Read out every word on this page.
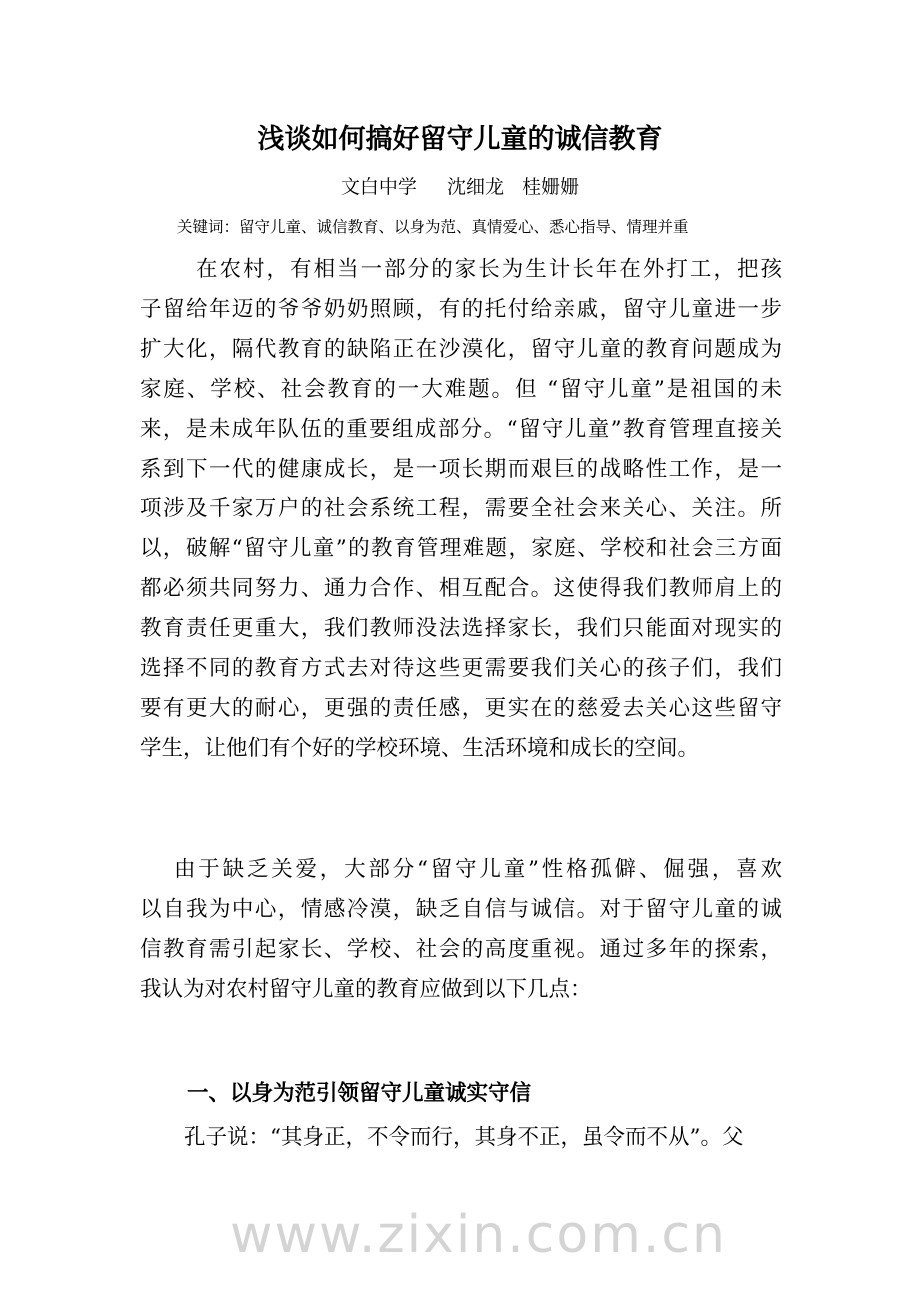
浅谈如何搞好留守儿童的诚信教育
文白中学     沈细龙   桂姗姗
关键词：留守儿童、诚信教育、以身为范、真情爱心、悉心指导、情理并重
在农村，有相当一部分的家长为生计长年在外打工，把孩
子留给年迈的爷爷奶奶照顾，有的托付给亲戚，留守儿童进一步
扩大化，隔代教育的缺陷正在沙漠化，留守儿童的教育问题成为
家庭、学校、社会教育的一大难题。但 “留守儿童”是祖国的未
来，是未成年队伍的重要组成部分。“留守儿童”教育管理直接关
系到下一代的健康成长，是一项长期而艰巨的战略性工作，是一
项涉及千家万户的社会系统工程，需要全社会来关心、关注。所
以，破解“留守儿童”的教育管理难题，家庭、学校和社会三方面
都必须共同努力、通力合作、相互配合。这使得我们教师肩上的
教育责任更重大，我们教师没法选择家长，我们只能面对现实的
选择不同的教育方式去对待这些更需要我们关心的孩子们，我们
要有更大的耐心，更强的责任感，更实在的慈爱去关心这些留守
学生，让他们有个好的学校环境、生活环境和成长的空间。
由于缺乏关爱，大部分“留守儿童”性格孤僻、倔强，喜欢
以自我为中心，情感冷漠，缺乏自信与诚信。对于留守儿童的诚
信教育需引起家长、学校、社会的高度重视。通过多年的探索，
我认为对农村留守儿童的教育应做到以下几点：
孔子说：“其身正，不令而行，其身不正，虽令而不从”。父
一、以身为范引领留守儿童诚实守信
www.zixin.com.cn
